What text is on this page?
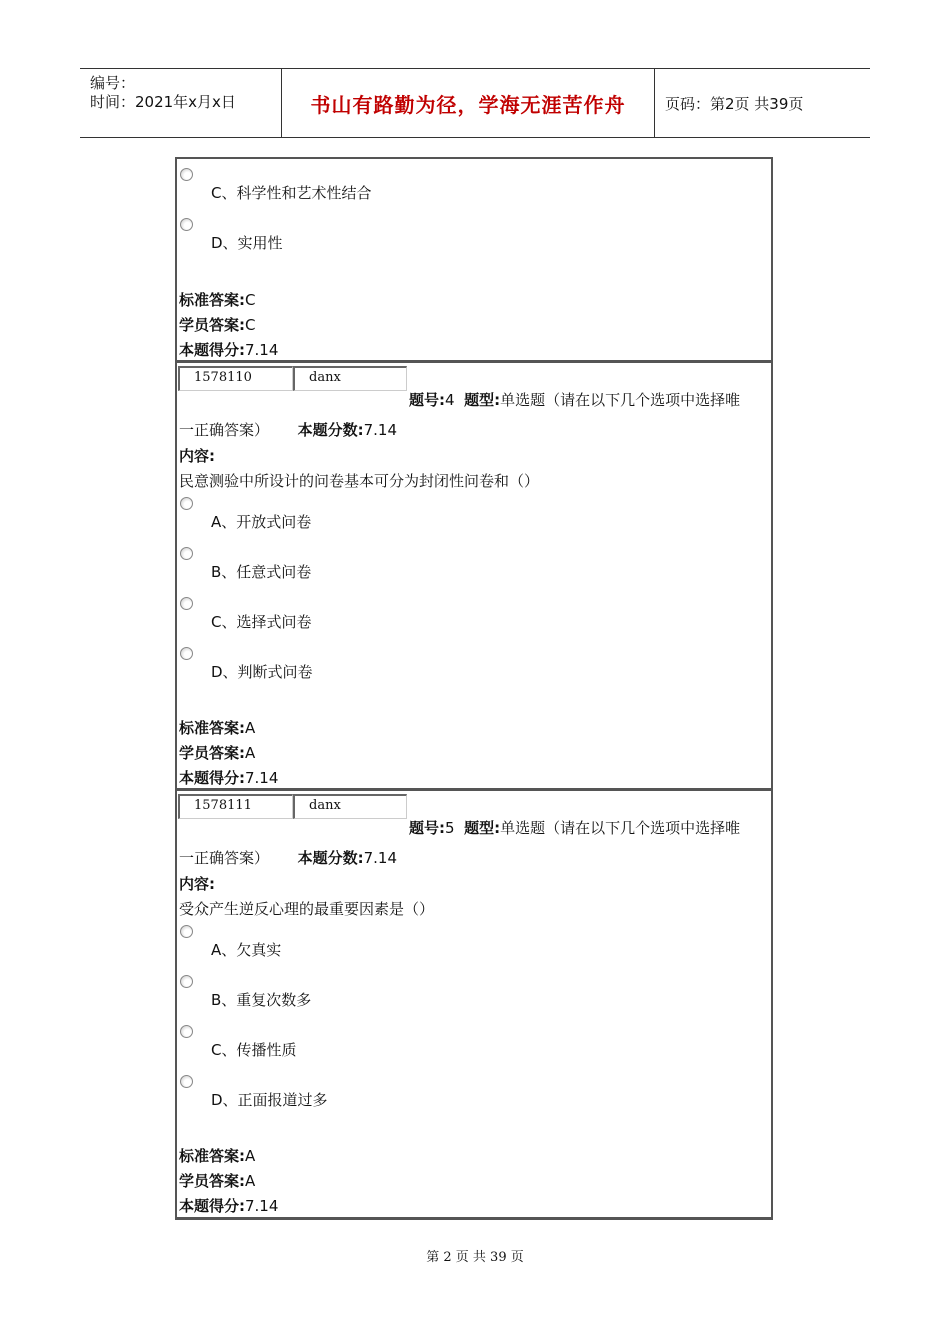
编号：
时间：2021年x月x日	书山有路勤为径，学海无涯苦作舟	页码：第2页 共39页
C、科学性和艺术性结合
D、实用性
标准答案:C
学员答案:C
本题得分:7.14
1578110	danx
题号:4 题型:单选题（请在以下几个选项中选择唯
一正确答案） 本题分数:7.14
内容:
民意测验中所设计的问卷基本可分为封闭性问卷和（）
A、开放式问卷
B、任意式问卷
C、选择式问卷
D、判断式问卷
标准答案:A
学员答案:A
本题得分:7.14
1578111	danx
题号:5 题型:单选题（请在以下几个选项中选择唯
一正确答案） 本题分数:7.14
内容:
受众产生逆反心理的最重要因素是（）
A、欠真实
B、重复次数多
C、传播性质
D、正面报道过多
标准答案:A
学员答案:A
本题得分:7.14
第 2 页 共 39 页
